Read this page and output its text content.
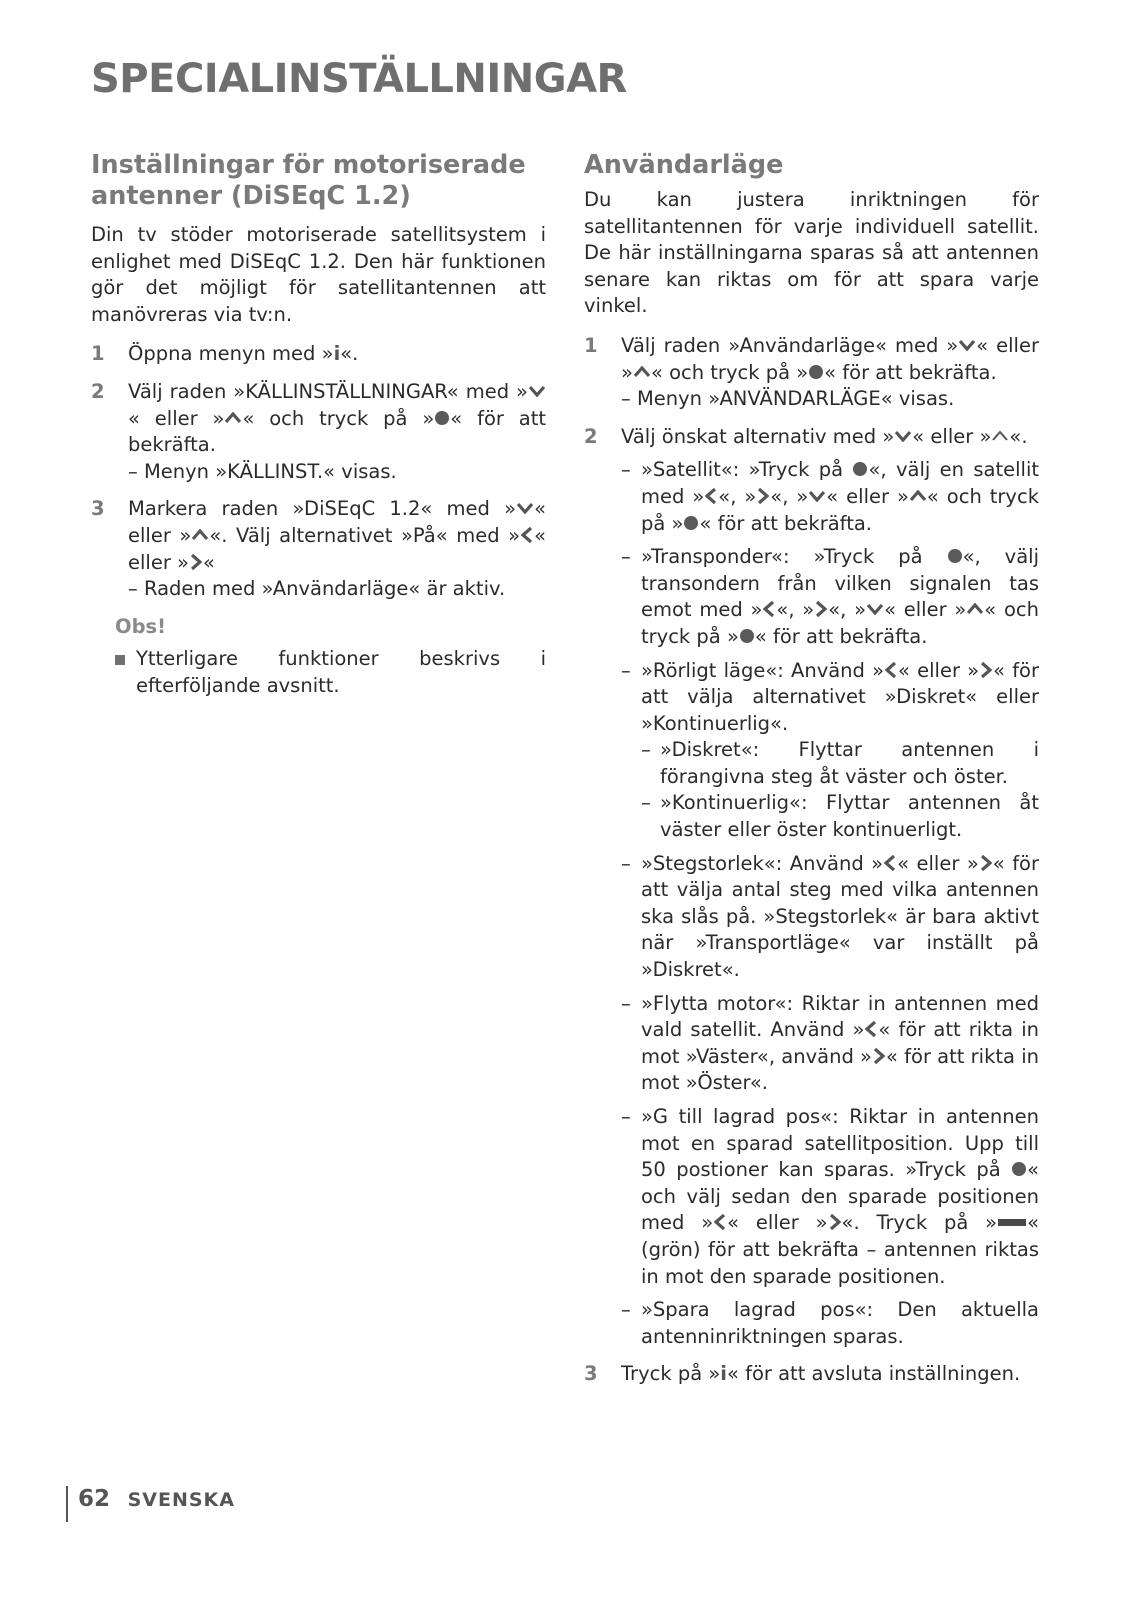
SPECIALINSTÄLLNINGAR
Inställningar för motoriserade antenner (DiSEqC 1.2)

Din tv stöder motoriserade satellitsystem i enlighet med DiSEqC 1.2. Den här funktionen gör det möjligt för satellitantennen att manövreras via tv:n.

1 Öppna menyn med »i«.
2 Välj raden »KÄLLINSTÄLLNINGAR« med »« eller » « och tryck på » « för att bekräfta.
– Menyn »KÄLLINST.« visas.
3 Markera raden »DiSEqC 1.2« med » « eller » «. Välj alternativet »På« med » « eller » «
– Raden med »Användarläge« är aktiv.
Obs!
Ytterligare funktioner beskrivs i efterföljande avsnitt.
Användarläge

Du kan justera inriktningen för satellitantennen för varje individuell satellit. De här inställningarna sparas så att antennen senare kan riktas om för att spara varje vinkel.

1 Välj raden »Användarläge« med » « eller » « och tryck på » « för att bekräfta.
– Menyn »ANVÄNDARLÄGE« visas.
2 Välj önskat alternativ med » « eller » «.
– »Satellit«: »Tryck på «, välj en satellit med » «, » «, » « eller » « och tryck på » « för att bekräfta.
– »Transponder«: »Tryck på «, välj transondern från vilken signalen tas emot med » «, » «, » « eller » « och tryck på » « för att bekräfta.
– »Rörligt läge«: Använd » « eller » « för att välja alternativet »Diskret« eller »Kontinuerlig«.
– »Diskret«: Flyttar antennen i förangivna steg åt väster och öster.
– »Kontinuerlig«: Flyttar antennen åt väster eller öster kontinuerligt.
– »Stegstorlek«: Använd » « eller » « för att välja antal steg med vilka antennen ska slås på. »Stegstorlek« är bara aktivt när »Transportläge« var inställt på »Diskret«.
– »Flytta motor«: Riktar in antennen med vald satellit. Använd » « för att rikta in mot »Väster«, använd » « för att rikta in mot »Öster«.
– »G till lagrad pos«: Riktar in antennen mot en sparad satellitposition. Upp till 50 postioner kan sparas. »Tryck på « och välj sedan den sparade positionen med » « eller » «. Tryck på » « (grön) för att bekräfta – antennen riktas in mot den sparade positionen.
– »Spara lagrad pos«: Den aktuella antenninriktningen sparas.
3 Tryck på »i« för att avsluta inställningen.
62 SVENSKA
